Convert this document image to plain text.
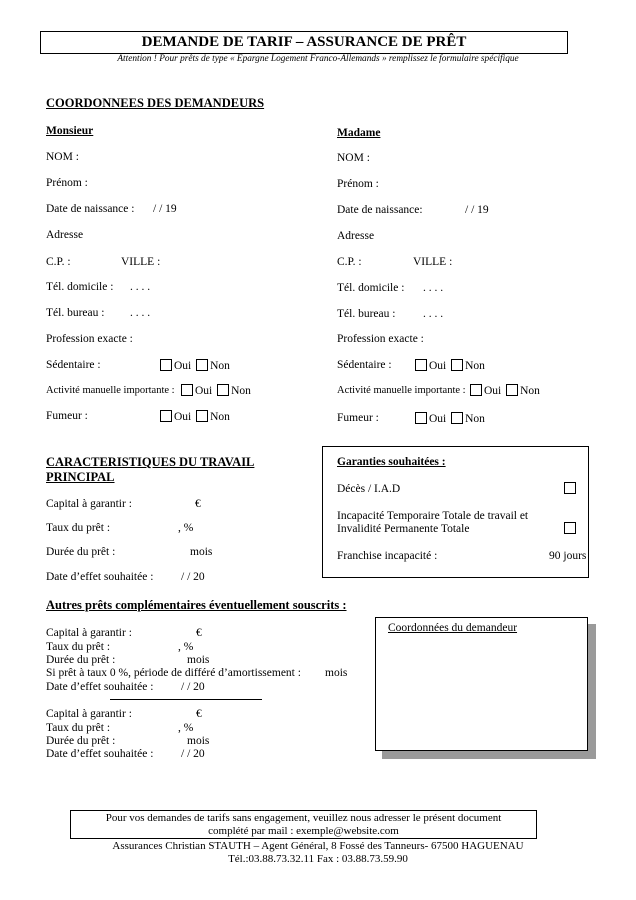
DEMANDE DE TARIF – ASSURANCE DE PRÊT
Attention ! Pour prêts de type « Epargne Logement Franco-Allemands » remplissez le formulaire spécifique
COORDONNEES DES DEMANDEURS
Monsieur
NOM :
Prénom :
Date de naissance : / / 19
Adresse
C.P. :	VILLE :
Tél. domicile : . . . .
Tél. bureau : . . . .
Profession exacte :
Sédentaire :	Oui Non
Activité manuelle importante :	Oui Non
Fumeur :	Oui Non
Madame
NOM :
Prénom :
Date de naissance:	/ / 19
Adresse
C.P. :	VILLE :
Tél. domicile : . . . .
Tél. bureau : . . . .
Profession exacte :
Sédentaire :	Oui Non
Activité manuelle importante :	Oui Non
Fumeur :	Oui Non
CARACTERISTIQUES DU TRAVAIL
PRINCIPAL
Capital à garantir :	€
Taux du prêt :	, %
Durée du prêt :	mois
Date d’effet souhaitée : / / 20
Garanties souhaitées :
Décès / I.A.D
Incapacité Temporaire Totale de travail et
Invalidité Permanente Totale
Franchise incapacité :	90 jours
Autres prêts complémentaires éventuellement souscrits :
Capital à garantir :	€
Taux du prêt :	, %
Durée du prêt :	mois
Si prêt à taux 0 %, période de différé d’amortissement : mois
Date d’effet souhaitée : / / 20
Capital à garantir :	€
Taux du prêt :	, %
Durée du prêt :	mois
Date d’effet souhaitée : / / 20
Coordonnées du demandeur
Pour vos demandes de tarifs sans engagement, veuillez nous adresser le présent document
complété par mail : exemple@website.com
Assurances Christian STAUTH – Agent Général, 8 Fossé des Tanneurs- 67500 HAGUENAU
Tél.:03.88.73.32.11 Fax : 03.88.73.59.90
